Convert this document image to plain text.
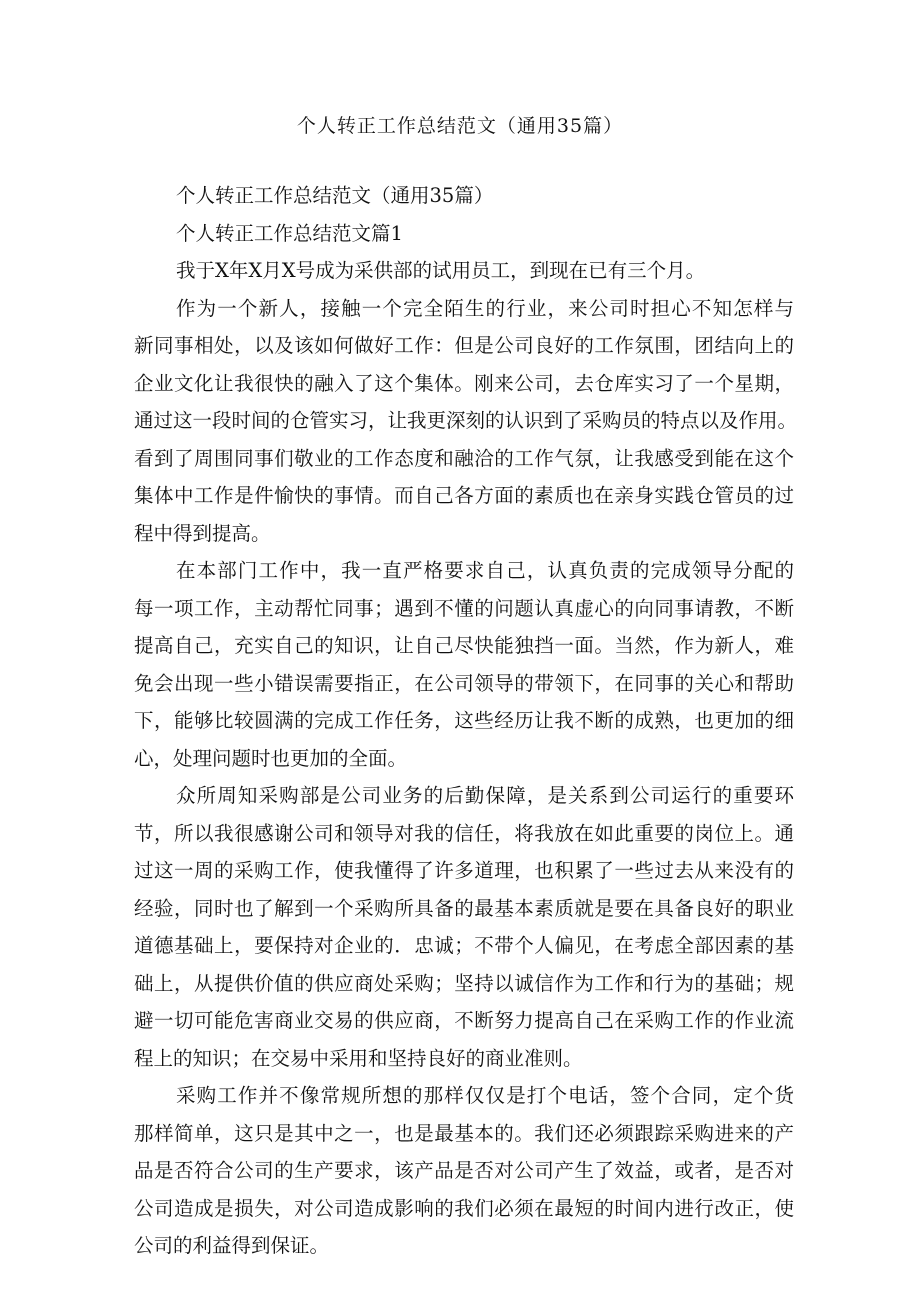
个人转正工作总结范文（通用35篇）
个人转正工作总结范文（通用35篇）
个人转正工作总结范文篇1
我于X年X月X号成为采供部的试用员工，到现在已有三个月。
作为一个新人，接触一个完全陌生的行业，来公司时担心不知怎样与
新同事相处，以及该如何做好工作：但是公司良好的工作氛围，团结向上的
企业文化让我很快的融入了这个集体。刚来公司，去仓库实习了一个星期，
通过这一段时间的仓管实习，让我更深刻的认识到了采购员的特点以及作用。
看到了周围同事们敬业的工作态度和融洽的工作气氛，让我感受到能在这个
集体中工作是件愉快的事情。而自己各方面的素质也在亲身实践仓管员的过
程中得到提高。
在本部门工作中，我一直严格要求自己，认真负责的完成领导分配的
每一项工作，主动帮忙同事；遇到不懂的问题认真虚心的向同事请教，不断
提高自己，充实自己的知识，让自己尽快能独挡一面。当然，作为新人，难
免会出现一些小错误需要指正，在公司领导的带领下，在同事的关心和帮助
下，能够比较圆满的完成工作任务，这些经历让我不断的成熟，也更加的细
心，处理问题时也更加的全面。
众所周知采购部是公司业务的后勤保障，是关系到公司运行的重要环
节，所以我很感谢公司和领导对我的信任，将我放在如此重要的岗位上。通
过这一周的采购工作，使我懂得了许多道理，也积累了一些过去从来没有的
经验，同时也了解到一个采购所具备的最基本素质就是要在具备良好的职业
道德基础上，要保持对企业的．忠诚；不带个人偏见，在考虑全部因素的基
础上，从提供价值的供应商处采购；坚持以诚信作为工作和行为的基础；规
避一切可能危害商业交易的供应商，不断努力提高自己在采购工作的作业流
程上的知识；在交易中采用和坚持良好的商业准则。
采购工作并不像常规所想的那样仅仅是打个电话，签个合同，定个货
那样简单，这只是其中之一，也是最基本的。我们还必须跟踪采购进来的产
品是否符合公司的生产要求，该产品是否对公司产生了效益，或者，是否对
公司造成是损失，对公司造成影响的我们必须在最短的时间内进行改正，使
公司的利益得到保证。
